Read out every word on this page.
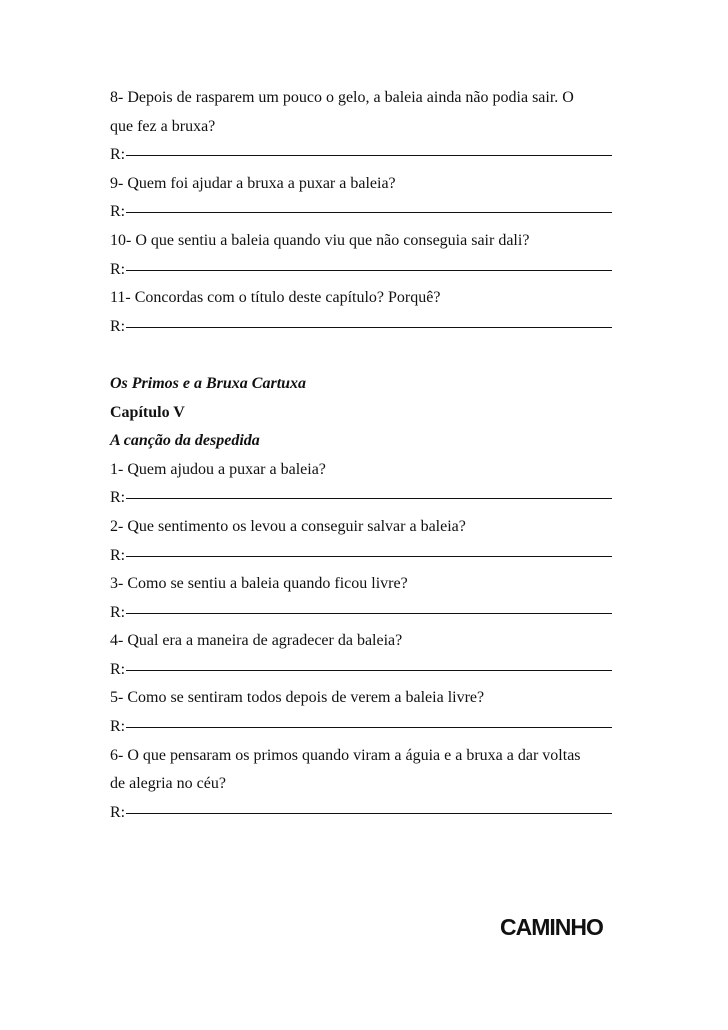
8- Depois de rasparem um pouco o gelo, a baleia ainda não podia sair. O
que fez a bruxa?
R:
9- Quem foi ajudar a bruxa a puxar a baleia?
R:
10- O que sentiu a baleia quando viu que não conseguia sair dali?
R:
11- Concordas com o título deste capítulo? Porquê?
R:
Os Primos e a Bruxa Cartuxa
Capítulo V
A canção da despedida
1- Quem ajudou a puxar a baleia?
R:
2- Que sentimento os levou a conseguir salvar a baleia?
R:
3- Como se sentiu a baleia quando ficou livre?
R:
4- Qual era a maneira de agradecer da baleia?
R:
5- Como se sentiram todos depois de verem a baleia livre?
R:
6- O que pensaram os primos quando viram a águia e a bruxa a dar voltas
de alegria no céu?
R:
CAMINHO
